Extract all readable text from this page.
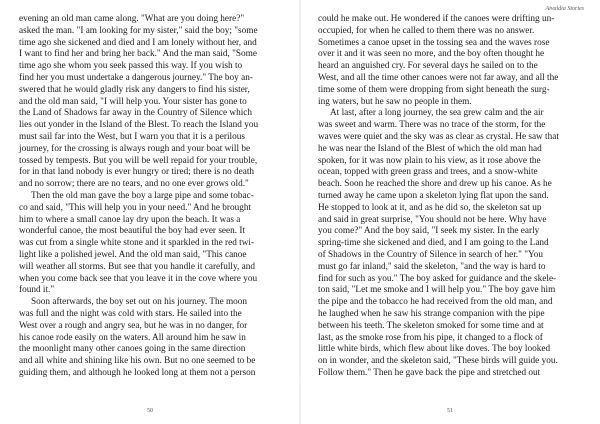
evening an old man came along. "What are you doing here?"
asked the man. "I am looking for my sister," said the boy; "some
time ago she sickened and died and I am lonely without her, and
I want to find her and bring her back." And the man said, "Some
time ago she whom you seek passed this way. If you wish to
find her you must undertake a dangerous journey." The boy an-
swered that he would gladly risk any dangers to find his sister,
and the old man said, "I will help you. Your sister has gone to
the Land of Shadows far away in the Country of Silence which
lies out yonder in the Island of the Blest. To reach the Island you
must sail far into the West, but I warn you that it is a perilous
journey, for the crossing is always rough and your boat will be
tossed by tempests. But you will be well repaid for your trouble,
for in that land nobody is ever hungry or tired; there is no death
and no sorrow; there are no tears, and no one ever grows old."
Then the old man gave the boy a large pipe and some tobac-
co and said, "This will help you in your need." And he brought
him to where a small canoe lay dry upon the beach. It was a
wonderful canoe, the most beautiful the boy had ever seen. It
was cut from a single white stone and it sparkled in the red twi-
light like a polished jewel. And the old man said, "This canoe
will weather all storms. But see that you handle it carefully, and
when you come back see that you leave it in the cove where you
found it."
Soon afterwards, the boy set out on his journey. The moon
was full and the night was cold with stars. He sailed into the
West over a rough and angry sea, but he was in no danger, for
his canoe rode easily on the waters. All around him he saw in
the moonlight many other canoes going in the same direction
and all white and shining like his own. But no one seemed to be
guiding them, and although he looked long at them not a person

50

Aivaldia Stories

could he make out. He wondered if the canoes were drifting un-
occupied, for when he called to them there was no answer.
Sometimes a canoe upset in the tossing sea and the waves rose
over it and it was seen no more, and the boy often thought he
heard an anguished cry. For several days he sailed on to the
West, and all the time other canoes were not far away, and all the
time some of them were dropping from sight beneath the surg-
ing waters, but he saw no people in them.
At last, after a long journey, the sea grew calm and the air
was sweet and warm. There was no trace of the storm, for the
waves were quiet and the sky was as clear as crystal. He saw that
he was near the Island of the Blest of which the old man had
spoken, for it was now plain to his view, as it rose above the
ocean, topped with green grass and trees, and a snow-white
beach. Soon he reached the shore and drew up his canoe. As he
turned away he came upon a skeleton lying flat upon the sand.
He stopped to look at it, and as he did so, the skeleton sat up
and said in great surprise, "You should not be here. Why have
you come?" And the boy said, "I seek my sister. In the early
spring-time she sickened and died, and I am going to the Land
of Shadows in the Country of Silence in search of her." "You
must go far inland," said the skeleton, "and the way is hard to
find for such as you." The boy asked for guidance and the skele-
ton said, "Let me smoke and I will help you." The boy gave him
the pipe and the tobacco he had received from the old man, and
he laughed when he saw his strange companion with the pipe
between his teeth. The skeleton smoked for some time and at
last, as the smoke rose from his pipe, it changed to a flock of
little white birds, which flew about like doves. The boy looked
on in wonder, and the skeleton said, "These birds will guide you.
Follow them." Then he gave back the pipe and stretched out

51
